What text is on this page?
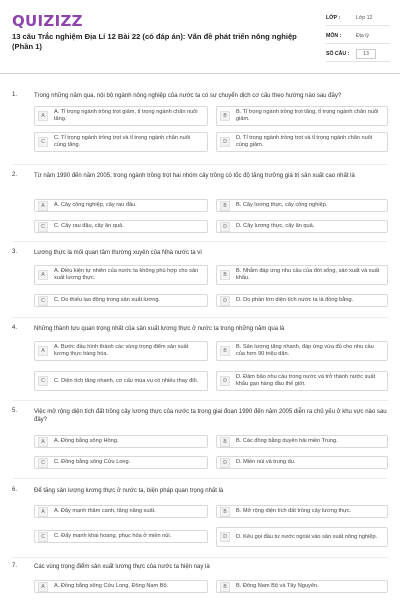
QUIZIZZ
13 câu Trắc nghiệm Địa Lí 12 Bài 22 (có đáp án): Vấn đề phát triển nông nghiệp (Phần 1)
LỚP :	Lớp 12
MÔN :	Địa lý
SỐ CÂU :	13
1.	Trong những năm qua, nội bộ ngành nông nghiệp của nước ta có sự chuyển dịch cơ cấu theo hướng nào sau đây?
A
A. Tỉ trọng ngành trồng trọt giảm, tỉ trọng ngành chăn nuôi tăng.	B
B. Tỉ trọng ngành trồng trọt tăng, tỉ trọng ngành chăn nuôi giảm.
C
C. Tỉ trọng ngành trồng trọt và tỉ trọng ngành chăn nuôi cùng tăng.	D
D. Tỉ trọng ngành trồng trọt và tỉ trọng ngành chăn nuôi cùng giảm.
2.	Từ năm 1990 đến năm 2005, trong ngành trồng trọt hai nhóm cây trồng có tốc độ tăng trưởng giá trị sản xuất cao nhất là
A	A. Cây công nghiệp, cây rau đậu.	B	B. Cây lương thực, cây công nghiệp.
C	C. Cây rau đậu, cây ăn quả.	D	D. Cây lương thực, cây ăn quả.
3.	Lương thực là mối quan tâm thường xuyên của Nhà nước ta vì
A
A. Điều kiện tự nhiên của nước ta không phù hợp cho sản xuất lương thực.	B
B. Nhằm đáp ứng nhu cầu của đời sống, sản xuất và xuất khẩu.
C	C. Do thiếu lao động trong sản xuất lương.	D	D. Do phần lớn diện tích nước ta là đồng bằng.
4.	Những thành tựu quan trọng nhất của sản xuất lương thực ở nước ta trong những năm qua là
A
A. Bước đầu hình thành các vùng trọng điểm sản xuất lương thực hàng hóa.	B
B. Sản lượng tăng nhanh, đáp ứng vừa đủ cho nhu cầu của hơn 90 triệu dân.
C	C. Diện tích tăng nhanh, cơ cấu mùa vụ có nhiều thay đổi.	D
D. Đảm bảo nhu cầu trong nước và trở thành nước xuất khẩu gạo hàng đầu thế giới.
5.	Việc mở rộng diện tích đất trồng cây lương thực của nước ta trong giai đoạn 1990 đến năm 2005 diễn ra chủ yếu ở khu vực nào sau đây?
A	A. Đồng bằng sông Hồng.	B	B. Các đồng bằng duyên hải miền Trung.
C	C. Đồng bằng sông Cửu Long.	D	D. Miền núi và trung du.
6.	Để tăng sản lượng lương thực ở nước ta, biện pháp quan trọng nhất là
A	A. Đẩy mạnh thâm canh, tăng năng suất.	B	B. Mở rộng diện tích đất trồng cây lương thực.
C	C. Đẩy mạnh khai hoang, phục hóa ở miền núi.	D	D. Kêu gọi đầu tư nước ngoài vào sản xuất nông nghiệp.
7.	Các vùng trọng điểm sản xuất lương thực của nước ta hiện nay là
A	A. Đồng bằng sông Cửu Long, Đông Nam Bộ.	B	B. Đông Nam Bộ và Tây Nguyên.
